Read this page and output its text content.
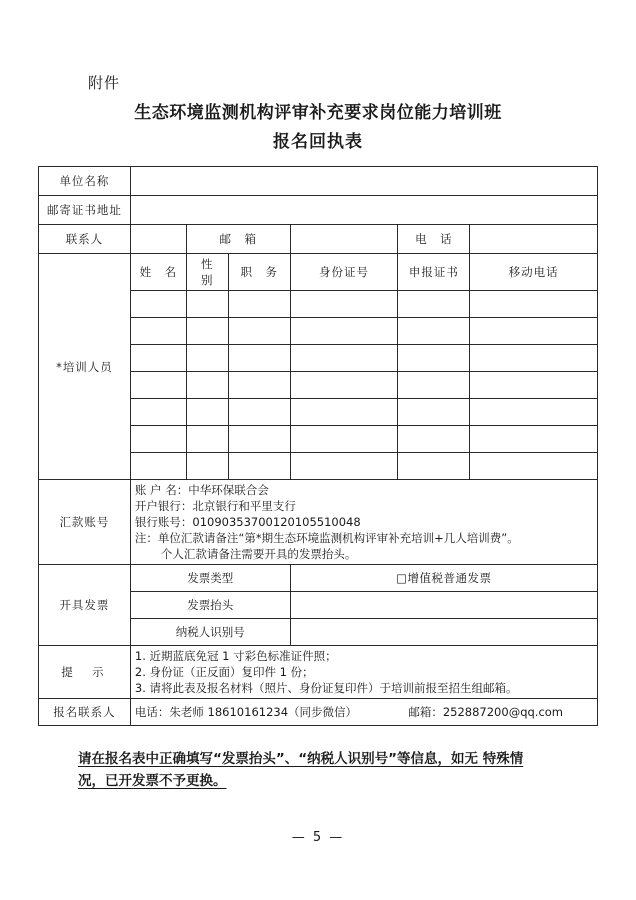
附件
生态环境监测机构评审补充要求岗位能力培训班
报名回执表
单位名称						
邮寄证书地址						
联系人		邮　箱			电　话	
*培训人员	姓　名	性　别	职　务	身份证号	申报证书	移动电话

汇款账号	账 户 名：中华环保联合会
开户银行：北京银行和平里支行
银行账号：01090353700120105510048
注：单位汇款请备注“第*期生态环境监测机构评审补充培训+几人培训费”。
个人汇款请备注需要开具的发票抬头。					

开具发票	发票类型			□增值税普通发票		
	发票抬头					
	纳税人识别号					
提　示	1. 近期蓝底免冠 1 寸彩色标准证件照；
2. 身份证（正反面）复印件 1 份；
3. 请将此表及报名材料（照片、身份证复印件）于培训前报至招生组邮箱。					

报名联系人	电话：朱老师 18610161234（同步微信） 邮箱：252887200@qq.com					
请在报名表中正确填写“发票抬头”、“纳税人识别号”等信息，如无 特殊情况，已开发票不予更换。
— 5 —
